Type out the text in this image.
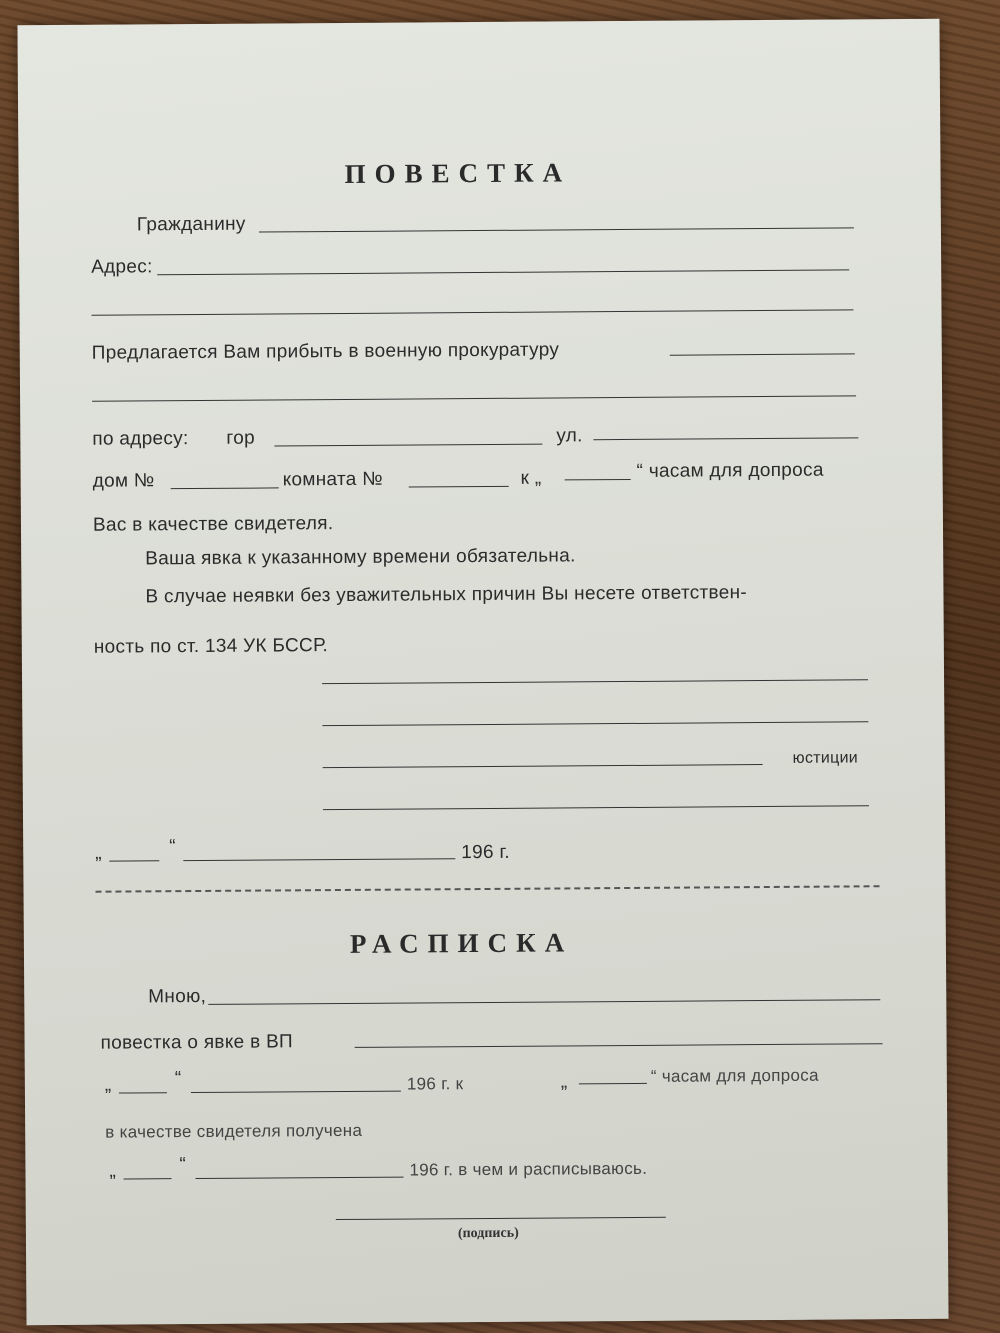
ПОВЕСТКА
Гражданину
Адрес:
Предлагается Вам прибыть в военную прокуратуру
по адресу: гор	ул.
дом №	комната №	к „	“ часам для допроса
Вас в качестве свидетеля.
Ваша явка к указанному времени обязательна.
В случае неявки без уважительных причин Вы несете ответствен-
ность по ст. 134 УК БССР.
юстиции
„	“	196 г.
РАСПИСКА
Мною,
повестка о явке в ВП
„	“	196 г. к	„	“ часам для допроса
в качестве свидетеля получена
„	“	196 г. в чем и расписываюсь.
(подпись)
